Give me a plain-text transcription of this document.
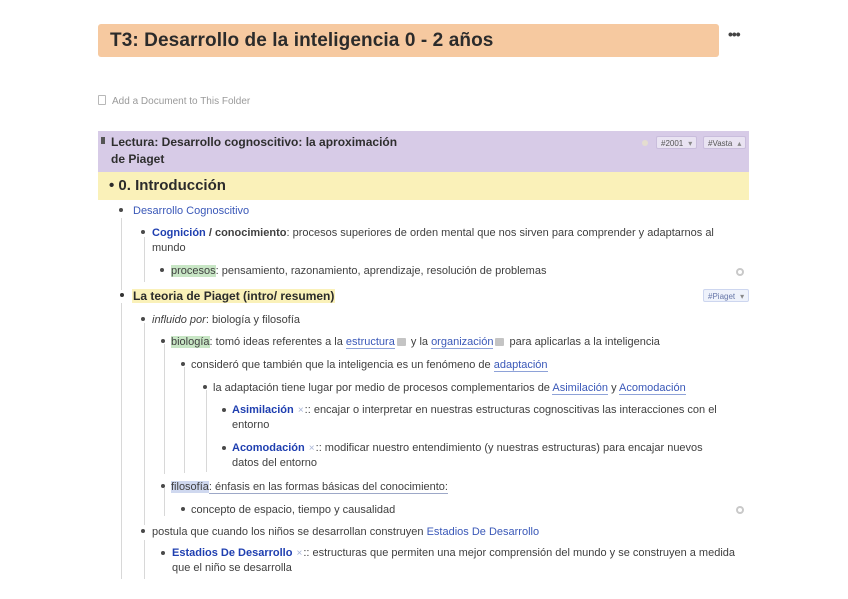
T3: Desarrollo de la inteligencia 0 - 2 años	•••
Add a Document to This Folder
Lectura: Desarrollo cognoscitivo: la aproximación de Piaget
#2001 ▾	#Vasta ▴
• 0. Introducción
Desarrollo Cognoscitivo
Cognición / conocimiento: procesos superiores de orden mental que nos sirven para comprender y adaptarnos al mundo
procesos: pensamiento, razonamiento, aprendizaje, resolución de problemas
La teoria de Piaget (intro/ resumen)	#Piaget ▾
influido por: biología y filosofía
biología: tomó ideas referentes a la estructura y la organización para aplicarlas a la inteligencia
consideró que también que la inteligencia es un fenómeno de adaptación
la adaptación tiene lugar por medio de procesos complementarios de Asimilación y Acomodación
Asimilación ×:: encajar o interpretar en nuestras estructuras cognoscitivas las interacciones con el entorno
Acomodación ×:: modificar nuestro entendimiento (y nuestras estructuras) para encajar nuevos datos del entorno
filosofía: énfasis en las formas básicas del conocimiento:
concepto de espacio, tiempo y causalidad
postula que cuando los niños se desarrollan construyen Estadios De Desarrollo
Estadios De Desarrollo ×:: estructuras que permiten una mejor comprensión del mundo y se construyen a medida que el niño se desarrolla
